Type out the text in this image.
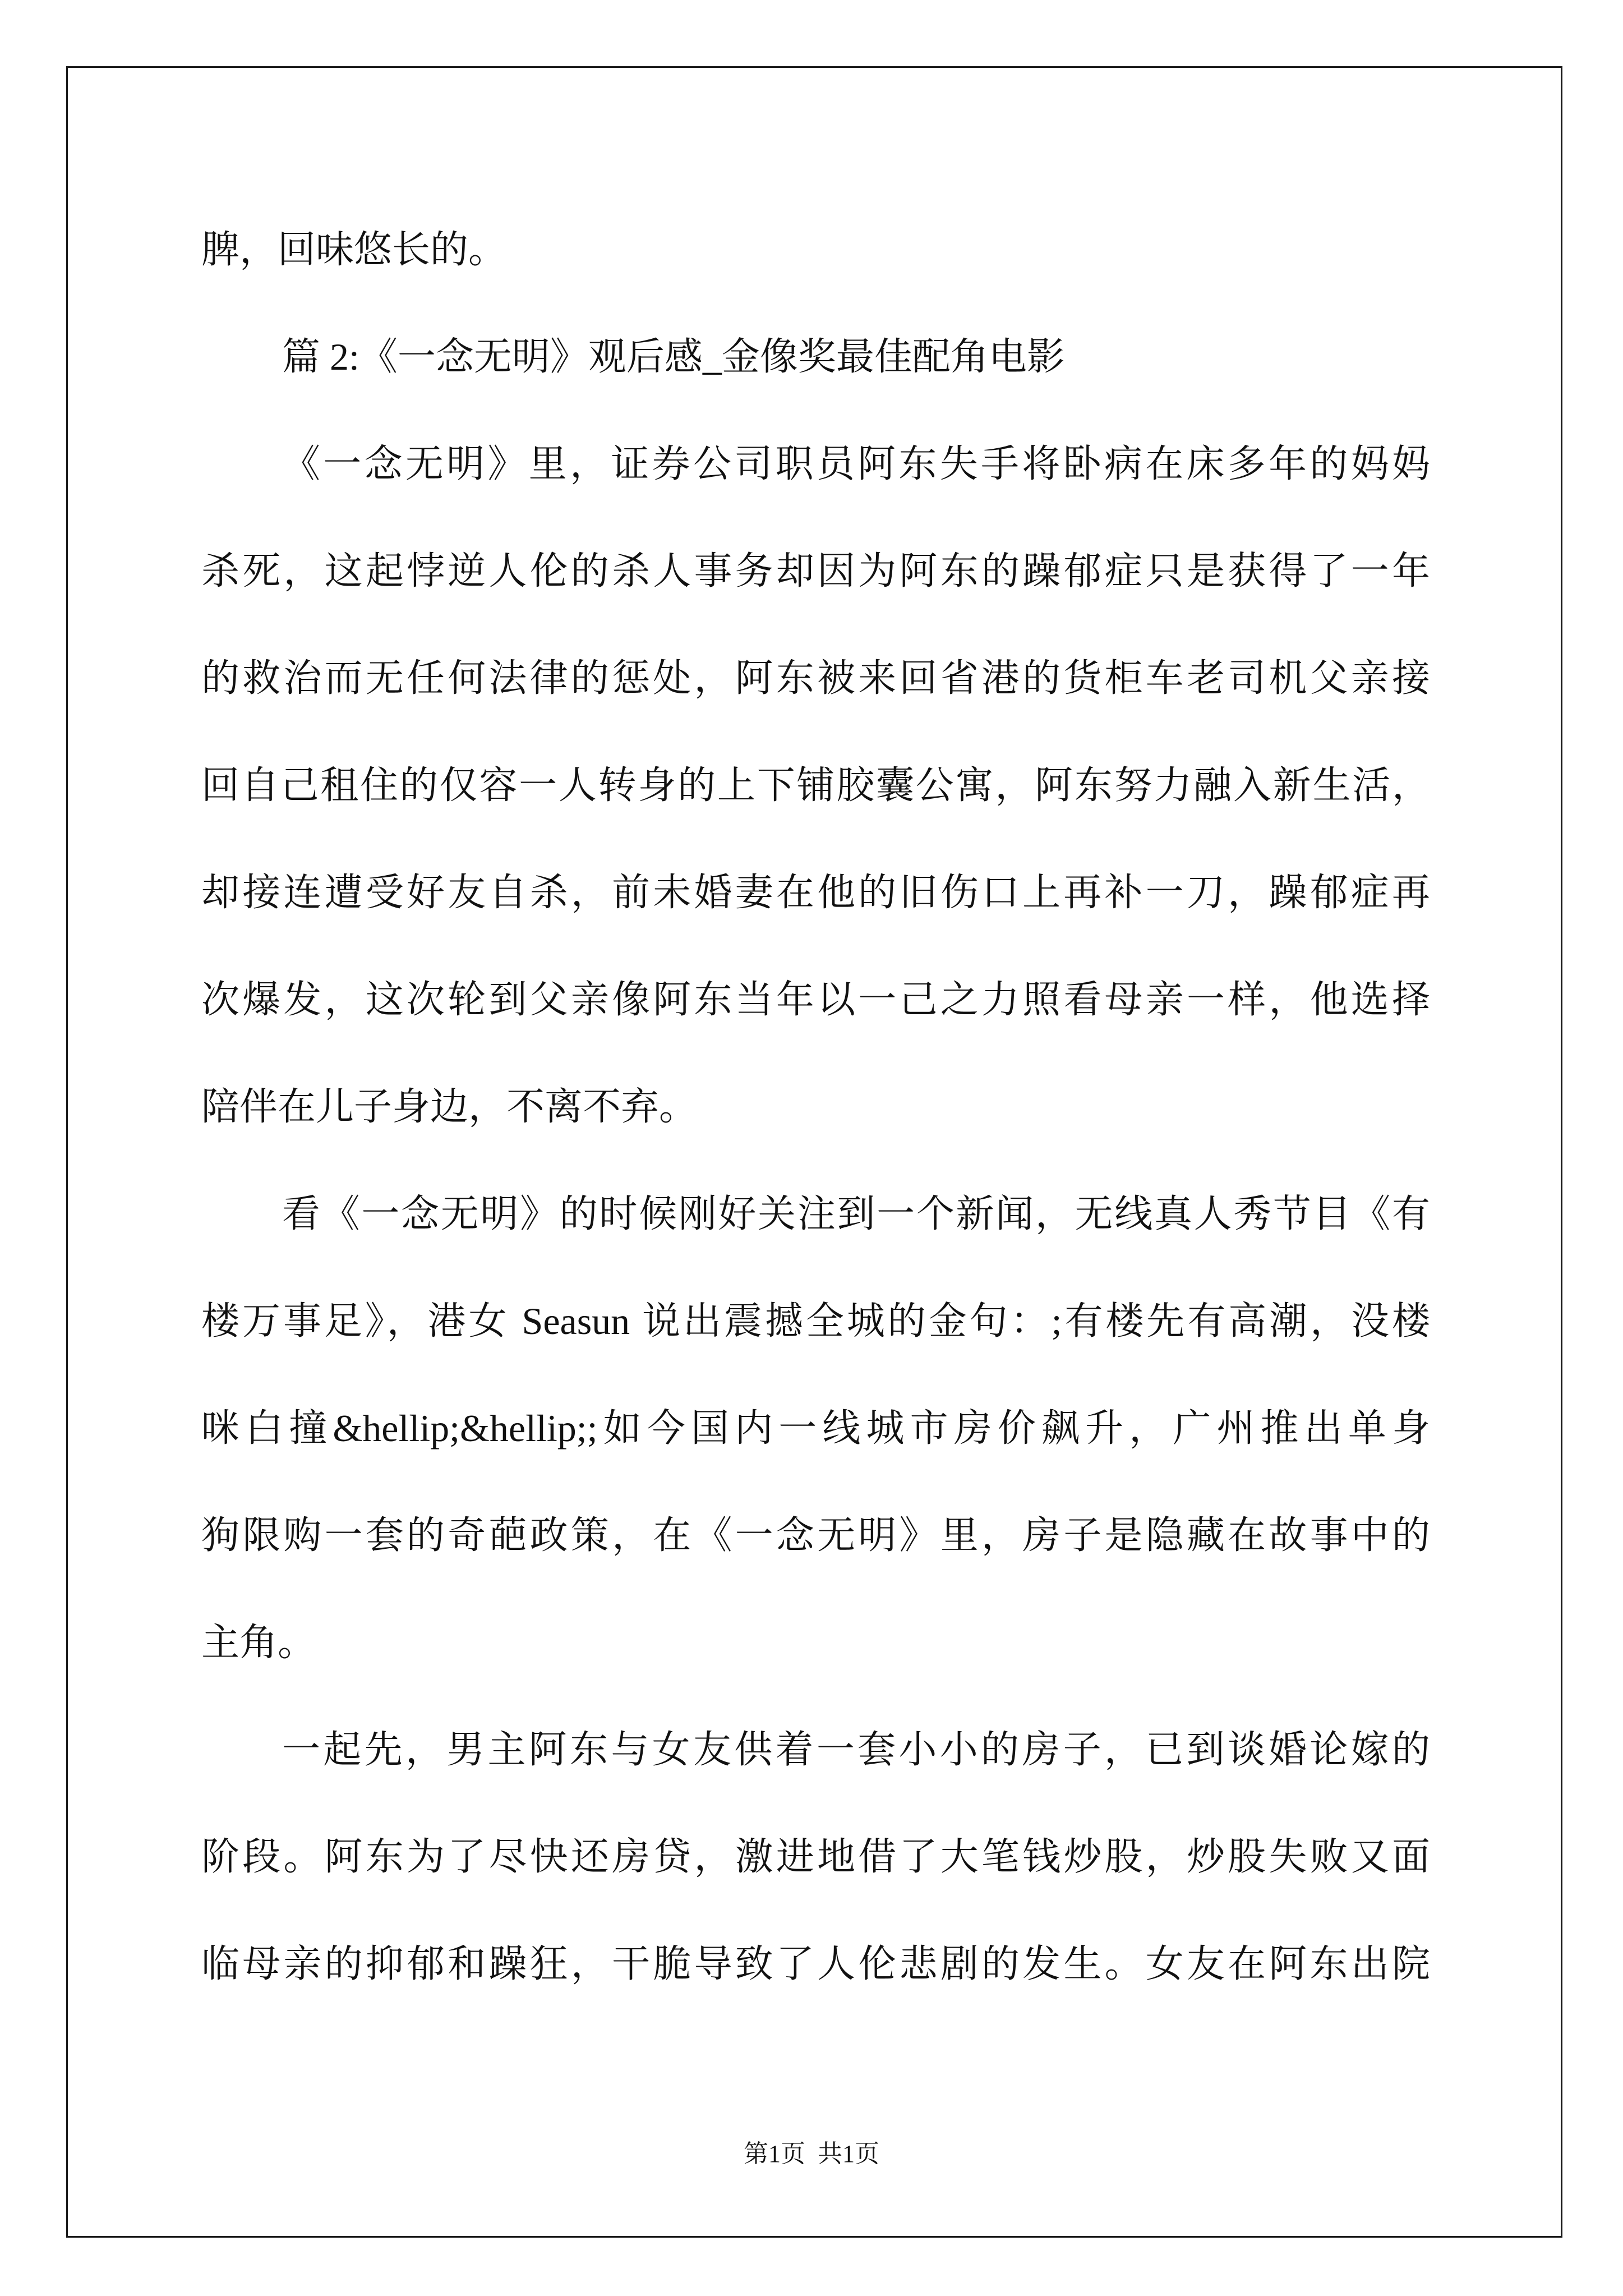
脾，回味悠长的。
篇 2:《一念无明》观后感_金像奖最佳配角电影
《一念无明》里，证券公司职员阿东失手将卧病在床多年的妈妈
杀死，这起悖逆人伦的杀人事务却因为阿东的躁郁症只是获得了一年
的救治而无任何法律的惩处，阿东被来回省港的货柜车老司机父亲接
回自己租住的仅容一人转身的上下铺胶囊公寓，阿东努力融入新生活，
却接连遭受好友自杀，前未婚妻在他的旧伤口上再补一刀，躁郁症再
次爆发，这次轮到父亲像阿东当年以一己之力照看母亲一样，他选择
陪伴在儿子身边，不离不弃。
看《一念无明》的时候刚好关注到一个新闻，无线真人秀节目《有
楼万事足》，港女 Seasun 说出震撼全城的金句：;有楼先有高潮，没楼
咪白撞&hellip;&hellip;;如今国内一线城市房价飙升，广州推出单身
狗限购一套的奇葩政策，在《一念无明》里，房子是隐藏在故事中的
主角。
一起先，男主阿东与女友供着一套小小的房子，已到谈婚论嫁的
阶段。阿东为了尽快还房贷，激进地借了大笔钱炒股，炒股失败又面
临母亲的抑郁和躁狂，干脆导致了人伦悲剧的发生。女友在阿东出院
第1页  共1页
